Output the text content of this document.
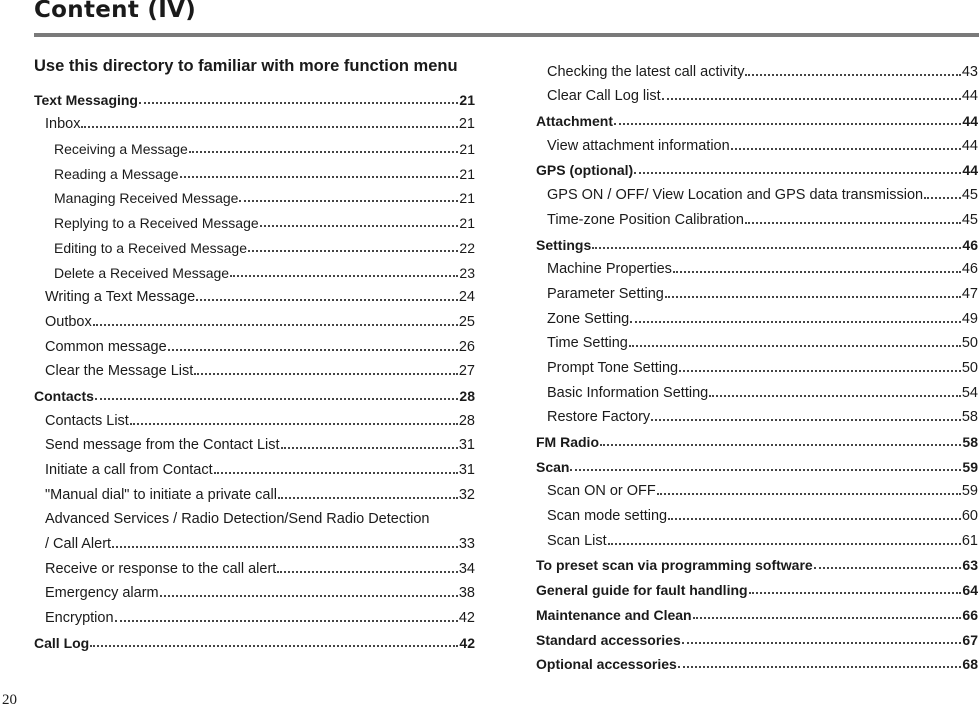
Content (IV)
Use this directory to familiar with more function menu
Text Messaging	21
Inbox	21
Receiving a Message	21
Reading a Message	21
Managing Received Message	21
Replying to a Received Message	21
Editing to a Received Message	22
Delete a Received Message	23
Writing a Text Message	24
Outbox	25
Common message	26
Clear the Message List	27
Contacts	28
Contacts List	28
Send message from the Contact List	31
Initiate a call from Contact	31
"Manual dial" to initiate a private call	32
Advanced Services / Radio Detection/Send Radio Detection
/ Call Alert	33
Receive or response to the call alert	34
Emergency alarm	38
Encryption	42
Call Log	42
Checking the latest call activity	43
Clear Call Log list	44
Attachment	44
View attachment information	44
GPS (optional)	44
GPS ON / OFF/ View Location and GPS data transmission	45
Time-zone Position Calibration	45
Settings	46
Machine Properties	46
Parameter Setting	47
Zone Setting	49
Time Setting	50
Prompt Tone Setting	50
Basic Information Setting	54
Restore Factory	58
FM Radio	58
Scan	59
Scan ON or OFF	59
Scan mode setting	60
Scan List	61
To preset scan via programming software	63
General guide for fault handling	64
Maintenance and Clean	66
Standard accessories	67
Optional accessories	68

20
